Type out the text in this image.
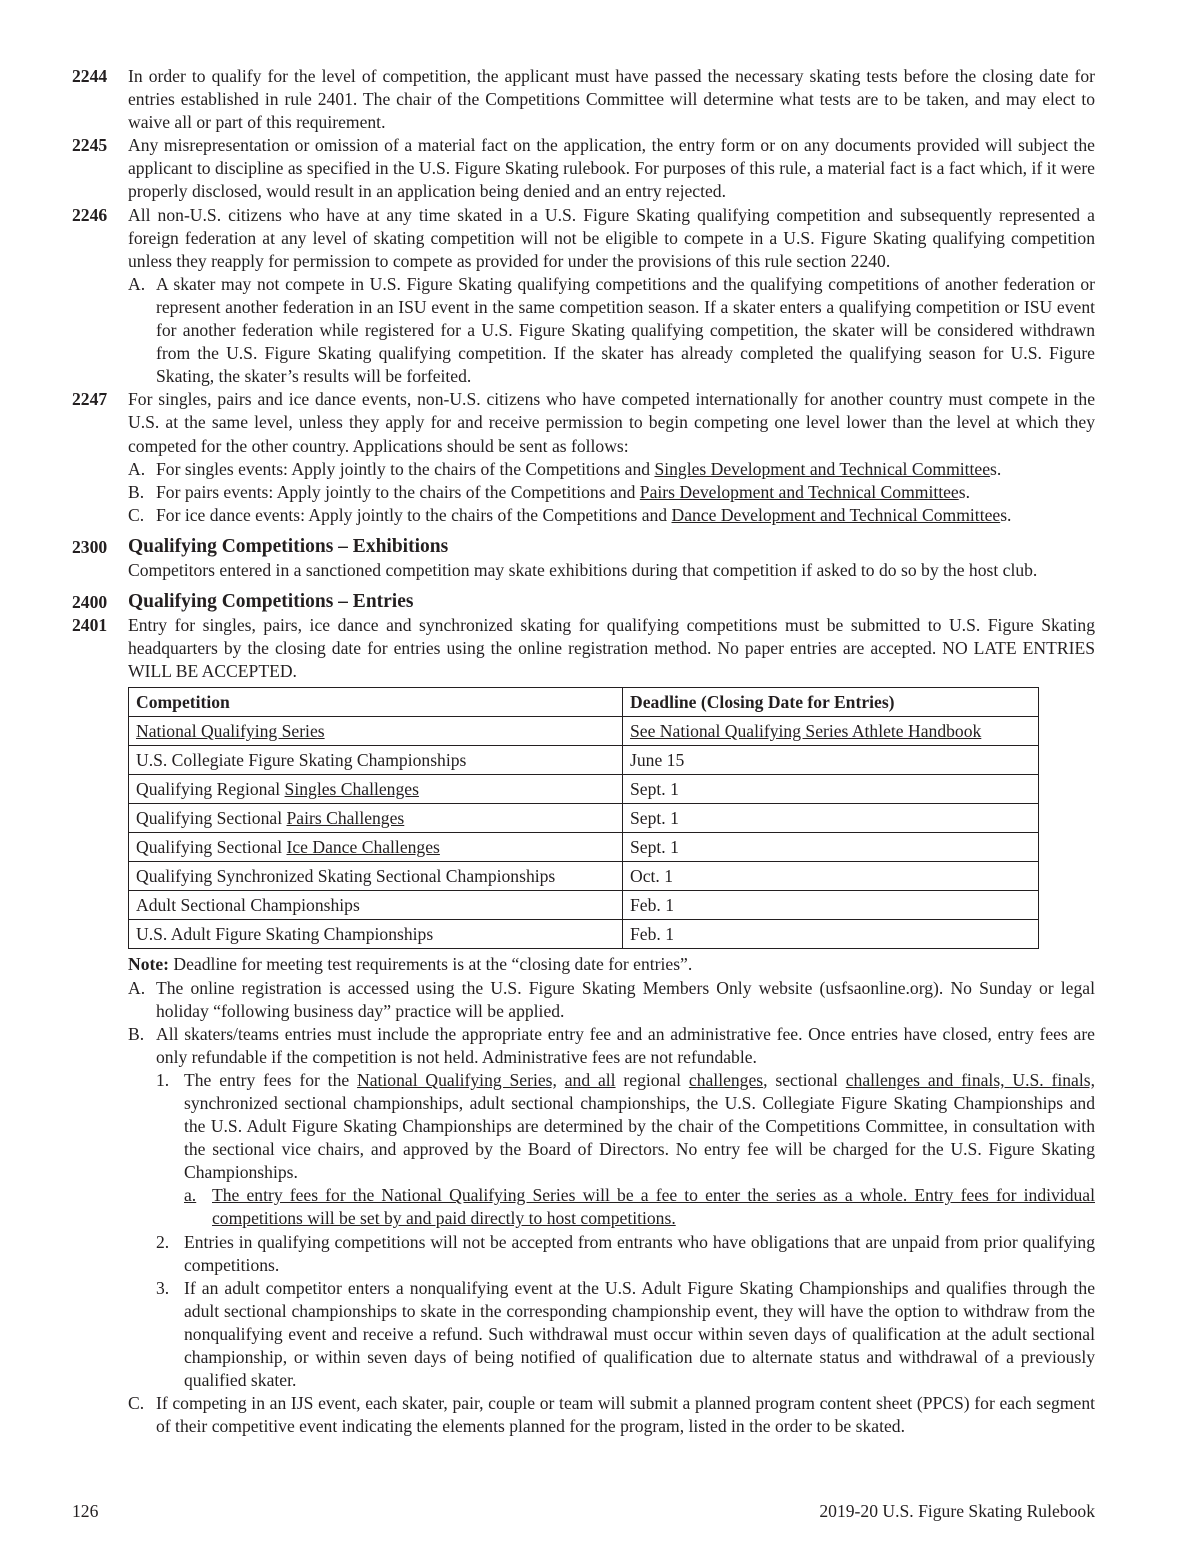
2244	In order to qualify for the level of competition, the applicant must have passed the necessary skating tests before the closing date for entries established in rule 2401. The chair of the Competitions Committee will determine what tests are to be taken, and may elect to waive all or part of this requirement.
2245	Any misrepresentation or omission of a material fact on the application, the entry form or on any documents provided will subject the applicant to discipline as specified in the U.S. Figure Skating rulebook. For purposes of this rule, a material fact is a fact which, if it were properly disclosed, would result in an application being denied and an entry rejected.
2246	All non-U.S. citizens who have at any time skated in a U.S. Figure Skating qualifying competition and subsequently represented a foreign federation at any level of skating competition will not be eligible to compete in a U.S. Figure Skating qualifying competition unless they reapply for permission to compete as provided for under the provisions of this rule section 2240.
A. A skater may not compete in U.S. Figure Skating qualifying competitions and the qualifying competitions of another federation or represent another federation in an ISU event in the same competition season. If a skater enters a qualifying competition or ISU event for another federation while registered for a U.S. Figure Skating qualifying competition, the skater will be considered withdrawn from the U.S. Figure Skating qualifying competition. If the skater has already completed the qualifying season for U.S. Figure Skating, the skater’s results will be forfeited.
2247	For singles, pairs and ice dance events, non-U.S. citizens who have competed internationally for another country must compete in the U.S. at the same level, unless they apply for and receive permission to begin competing one level lower than the level at which they competed for the other country. Applications should be sent as follows:
A. For singles events: Apply jointly to the chairs of the Competitions and Singles Development and Technical Committees.
B. For pairs events: Apply jointly to the chairs of the Competitions and Pairs Development and Technical Committees.
C. For ice dance events: Apply jointly to the chairs of the Competitions and Dance Development and Technical Committees.
2300	Qualifying Competitions – Exhibitions
Competitors entered in a sanctioned competition may skate exhibitions during that competition if asked to do so by the host club.
2400	Qualifying Competitions – Entries
2401	Entry for singles, pairs, ice dance and synchronized skating for qualifying competitions must be submitted to U.S. Figure Skating headquarters by the closing date for entries using the online registration method. No paper entries are accepted. NO LATE ENTRIES WILL BE ACCEPTED.
Competition	Deadline (Closing Date for Entries)
National Qualifying Series	See National Qualifying Series Athlete Handbook
U.S. Collegiate Figure Skating Championships	June 15
Qualifying Regional Singles Challenges	Sept. 1
Qualifying Sectional Pairs Challenges	Sept. 1
Qualifying Sectional Ice Dance Challenges	Sept. 1
Qualifying Synchronized Skating Sectional Championships	Oct. 1
Adult Sectional Championships	Feb. 1
U.S. Adult Figure Skating Championships	Feb. 1
Note: Deadline for meeting test requirements is at the “closing date for entries”.
A. The online registration is accessed using the U.S. Figure Skating Members Only website (usfsaonline.org). No Sunday or legal holiday “following business day” practice will be applied.
B. All skaters/teams entries must include the appropriate entry fee and an administrative fee. Once entries have closed, entry fees are only refundable if the competition is not held. Administrative fees are not refundable.
1. The entry fees for the National Qualifying Series, and all regional challenges, sectional challenges and finals, U.S. finals, synchronized sectional championships, adult sectional championships, the U.S. Collegiate Figure Skating Championships and the U.S. Adult Figure Skating Championships are determined by the chair of the Competitions Committee, in consultation with the sectional vice chairs, and approved by the Board of Directors. No entry fee will be charged for the U.S. Figure Skating Championships.
a. The entry fees for the National Qualifying Series will be a fee to enter the series as a whole. Entry fees for individual competitions will be set by and paid directly to host competitions.
2. Entries in qualifying competitions will not be accepted from entrants who have obligations that are unpaid from prior qualifying competitions.
3. If an adult competitor enters a nonqualifying event at the U.S. Adult Figure Skating Championships and qualifies through the adult sectional championships to skate in the corresponding championship event, they will have the option to withdraw from the nonqualifying event and receive a refund. Such withdrawal must occur within seven days of qualification at the adult sectional championship, or within seven days of being notified of qualification due to alternate status and withdrawal of a previously qualified skater.
C. If competing in an IJS event, each skater, pair, couple or team will submit a planned program content sheet (PPCS) for each segment of their competitive event indicating the elements planned for the program, listed in the order to be skated.
126	2019-20 U.S. Figure Skating Rulebook
